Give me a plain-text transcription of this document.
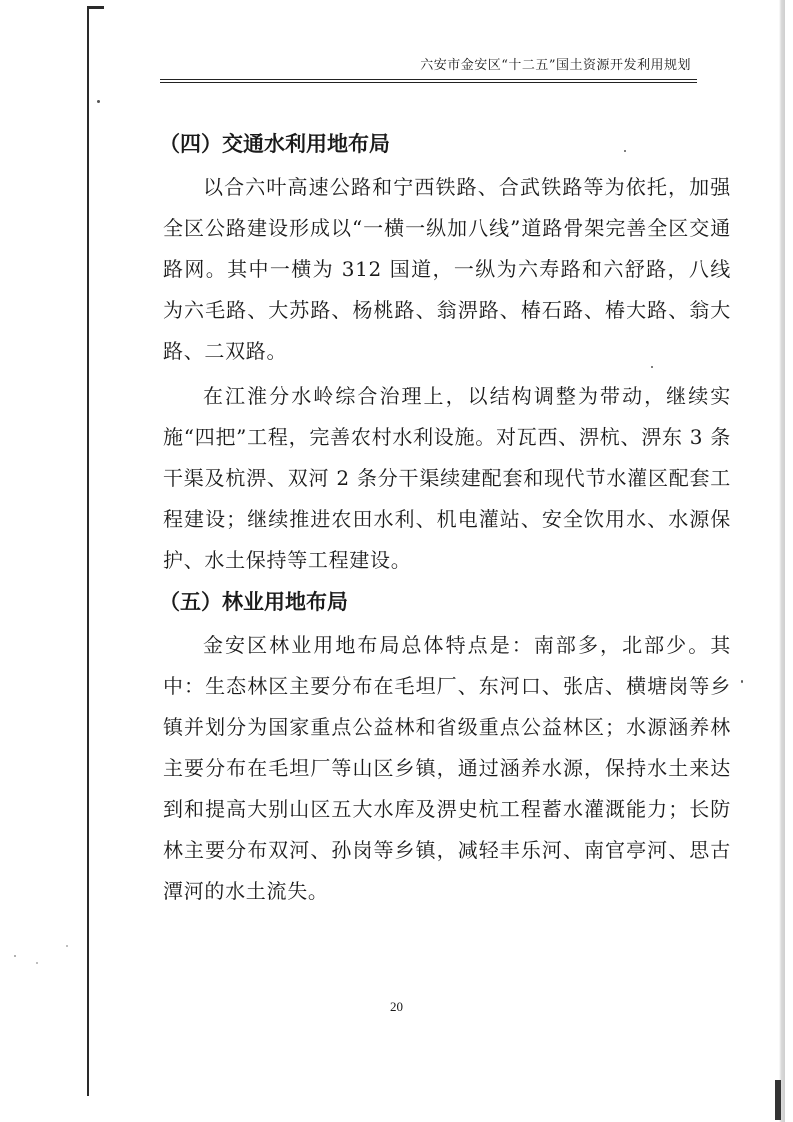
六安市金安区“十二五”国土资源开发利用规划
（四）交通水利用地布局

以合六叶高速公路和宁西铁路、合武铁路等为依托，加强全区公路建设形成以“一横一纵加八线”道路骨架完善全区交通路网。其中一横为 312 国道，一纵为六寿路和六舒路，八线为六毛路、大苏路、杨桃路、翁淠路、椿石路、椿大路、翁大路、二双路。

在江淮分水岭综合治理上，以结构调整为带动，继续实施“四把”工程，完善农村水利设施。对瓦西、淠杭、淠东 3 条干渠及杭淠、双河 2 条分干渠续建配套和现代节水灌区配套工程建设；继续推进农田水利、机电灌站、安全饮用水、水源保护、水土保持等工程建设。

（五）林业用地布局

金安区林业用地布局总体特点是：南部多，北部少。其中：生态林区主要分布在毛坦厂、东河口、张店、横塘岗等乡镇并划分为国家重点公益林和省级重点公益林区；水源涵养林主要分布在毛坦厂等山区乡镇，通过涵养水源，保持水土来达到和提高大别山区五大水库及淠史杭工程蓄水灌溉能力；长防林主要分布双河、孙岗等乡镇，减轻丰乐河、南官亭河、思古潭河的水土流失。

20
